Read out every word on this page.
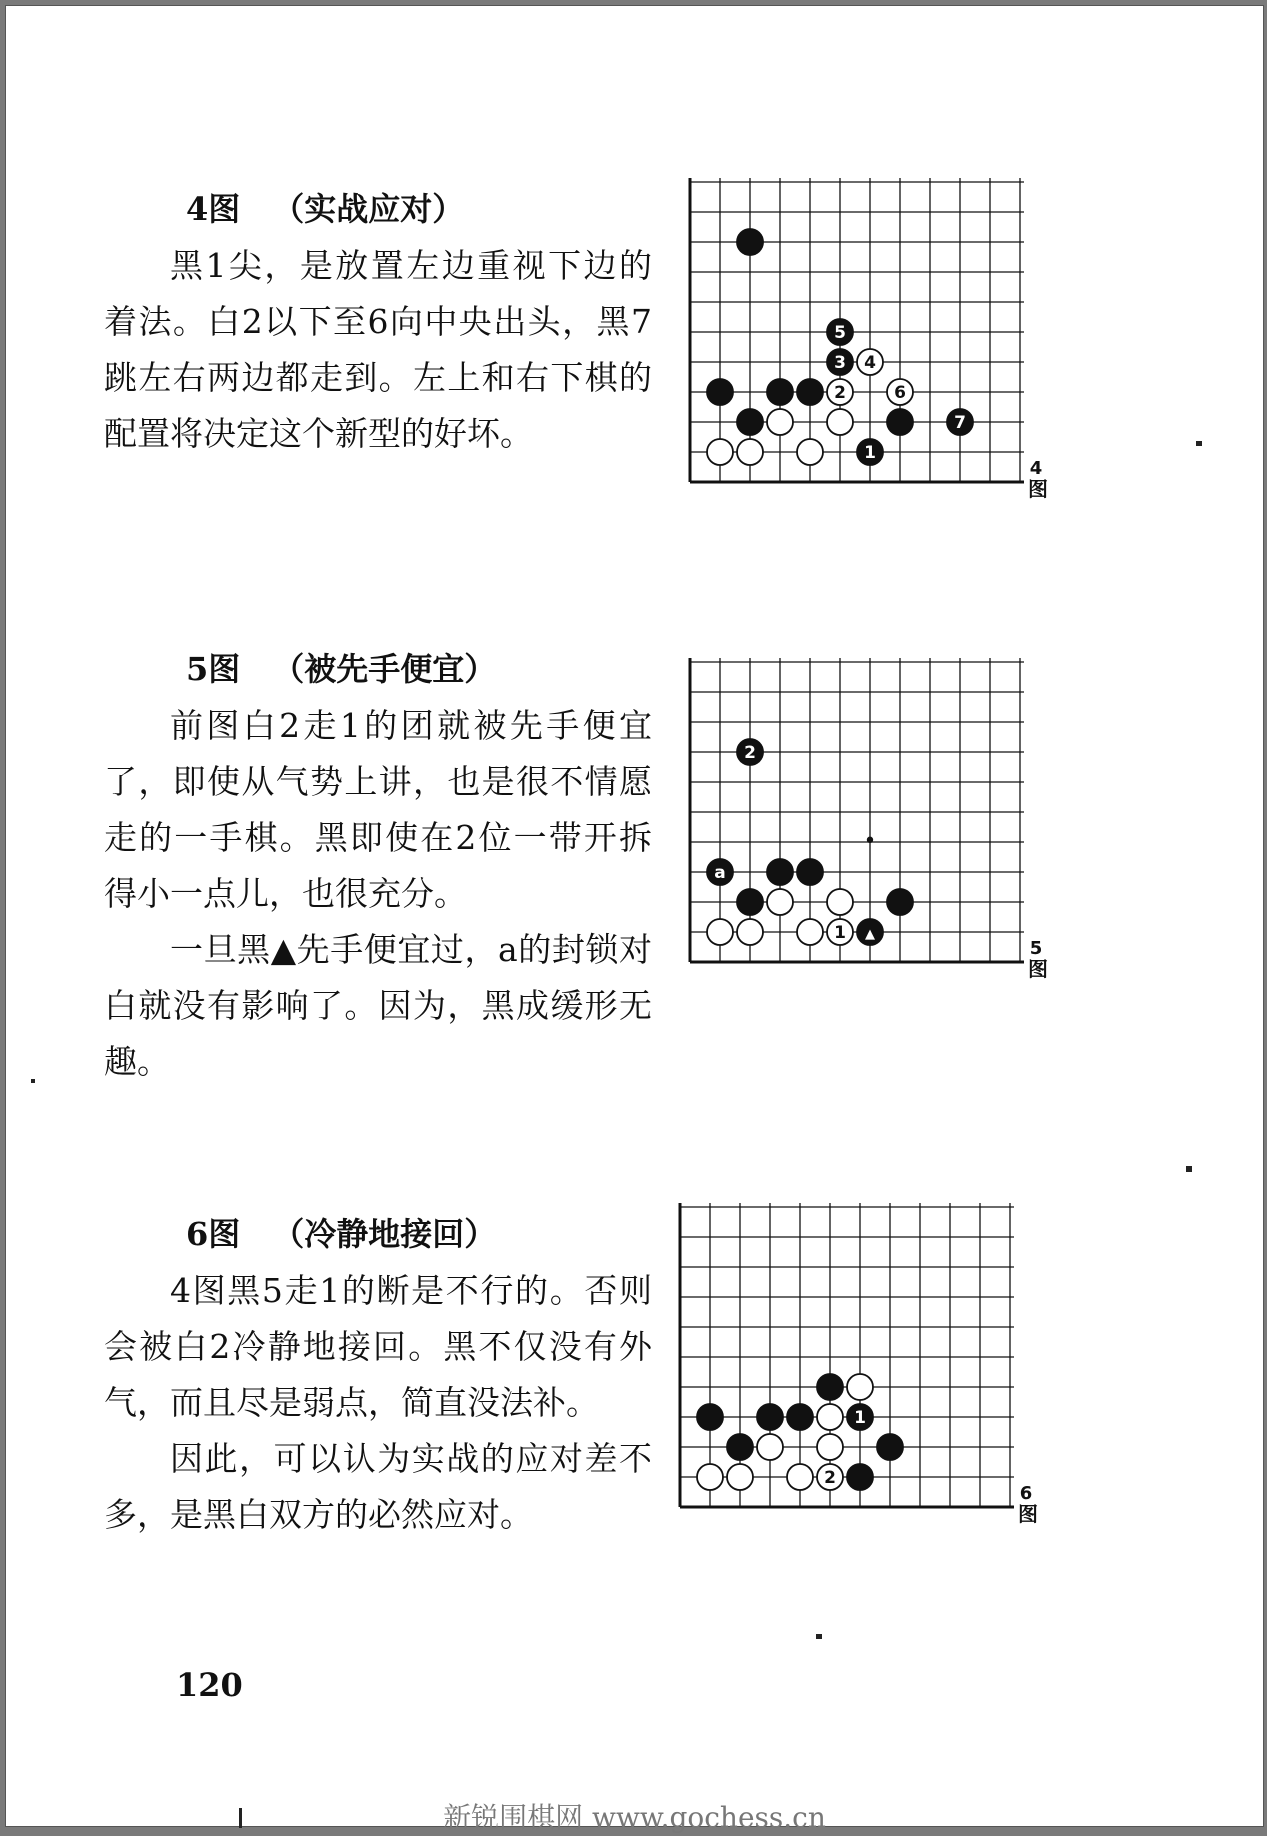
4图 （实战应对）

黑1尖，是放置左边重视下边的着法。白2以下至6向中央出头，黑7跳左右两边都走到。左上和右下棋的配置将决定这个新型的好坏。

5
3 4
2	6
7
1
4
图
5图 （被先手便宜）

前图白2走1的团就被先手便宜了，即使从气势上讲，也是很不情愿走的一手棋。黑即使在2位一带开拆得小一点儿，也很充分。

一旦黑▲先手便宜过，a的封锁对白就没有影响了。因为，黑成缓形无趣。

•
2
a
1 ▲
5
图
6图 （冷静地接回）

4图黑5走1的断是不行的。否则会被白2冷静地接回。黑不仅没有外气，而且尽是弱点，简直没法补。

因此，可以认为实战的应对差不多，是黑白双方的必然应对。

1
2
6
图
120
新锐围棋网 www.gochess.cn
